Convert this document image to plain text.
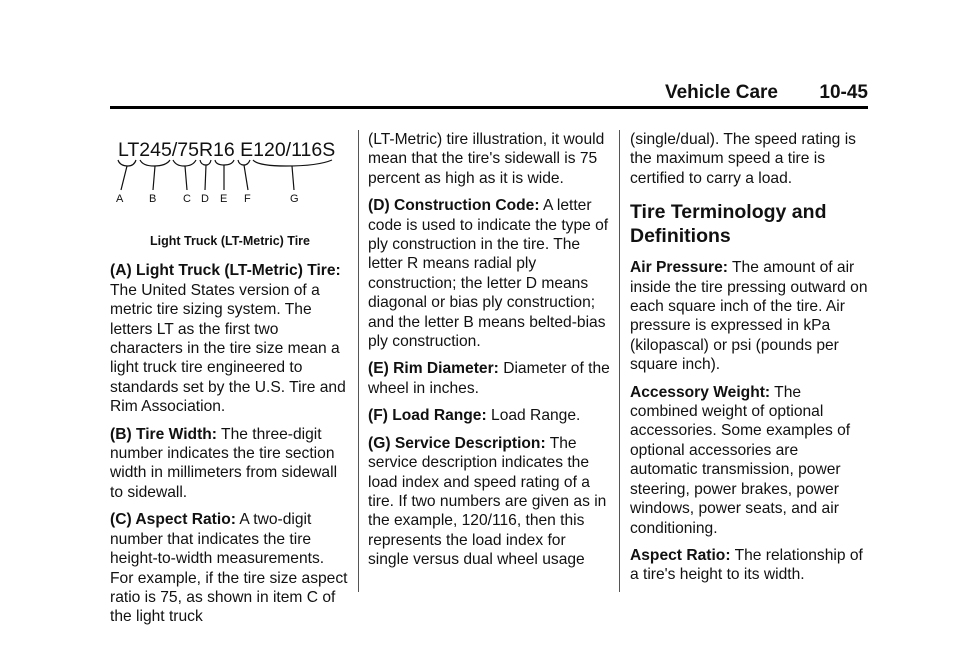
Vehicle Care 10-45
LT245/75R16 E120/116S
A B C D E F	G
Light Truck (LT-Metric) Tire

(A) Light Truck (LT-Metric) Tire: The United States version of a metric tire sizing system. The letters LT as the first two characters in the tire size mean a light truck tire engineered to standards set by the U.S. Tire and Rim Association.

(B) Tire Width: The three-digit number indicates the tire section width in millimeters from sidewall to sidewall.

(C) Aspect Ratio: A two-digit number that indicates the tire height-to-width measurements. For example, if the tire size aspect ratio is 75, as shown in item C of the light truck

(LT-Metric) tire illustration, it would mean that the tire's sidewall is 75 percent as high as it is wide.

(D) Construction Code: A letter code is used to indicate the type of ply construction in the tire. The letter R means radial ply construction; the letter D means diagonal or bias ply construction; and the letter B means belted-bias ply construction.

(E) Rim Diameter: Diameter of the wheel in inches.

(F) Load Range: Load Range.

(G) Service Description: The service description indicates the load index and speed rating of a tire. If two numbers are given as in the example, 120/116, then this represents the load index for single versus dual wheel usage

(single/dual). The speed rating is the maximum speed a tire is certified to carry a load.

Tire Terminology and Definitions

Air Pressure: The amount of air inside the tire pressing outward on each square inch of the tire. Air pressure is expressed in kPa (kilopascal) or psi (pounds per square inch).

Accessory Weight: The combined weight of optional accessories. Some examples of optional accessories are automatic transmission, power steering, power brakes, power windows, power seats, and air conditioning.

Aspect Ratio: The relationship of a tire's height to its width.
